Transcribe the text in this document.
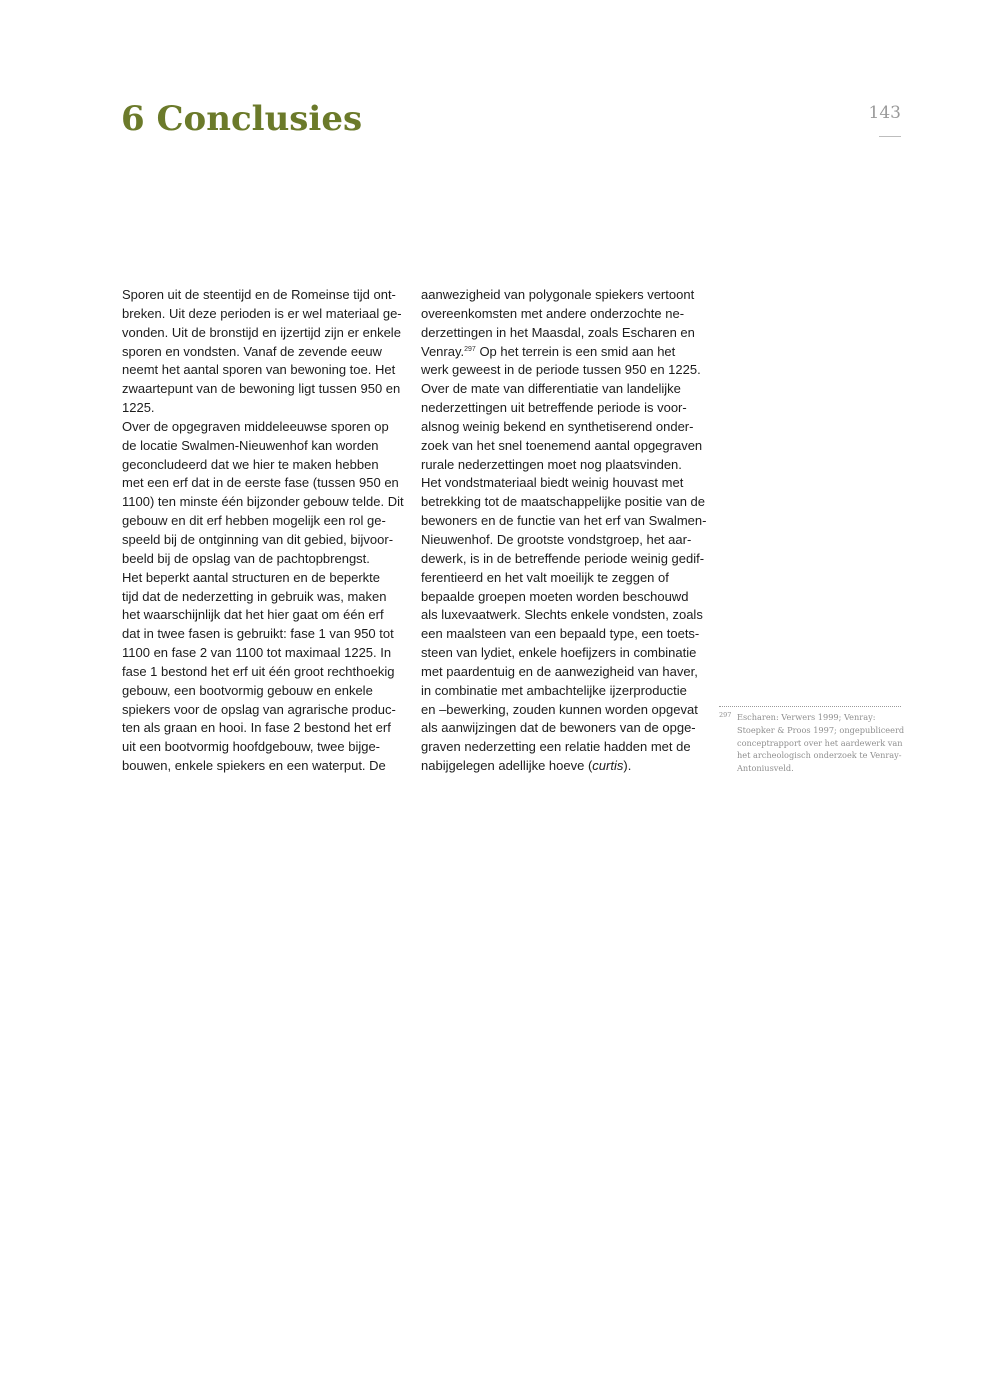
6 Conclusies	143
Sporen uit de steentijd en de Romeinse tijd ont-
breken. Uit deze perioden is er wel materiaal ge-
vonden. Uit de bronstijd en ijzertijd zijn er enkele
sporen en vondsten. Vanaf de zevende eeuw
neemt het aantal sporen van bewoning toe. Het
zwaartepunt van de bewoning ligt tussen 950 en
1225.
Over de opgegraven middeleeuwse sporen op
de locatie Swalmen-Nieuwenhof kan worden
geconcludeerd dat we hier te maken hebben
met een erf dat in de eerste fase (tussen 950 en
1100) ten minste één bijzonder gebouw telde. Dit
gebouw en dit erf hebben mogelijk een rol ge-
speeld bij de ontginning van dit gebied, bijvoor-
beeld bij de opslag van de pachtopbrengst.
Het beperkt aantal structuren en de beperkte
tijd dat de nederzetting in gebruik was, maken
het waarschijnlijk dat het hier gaat om één erf
dat in twee fasen is gebruikt: fase 1 van 950 tot
1100 en fase 2 van 1100 tot maximaal 1225. In
fase 1 bestond het erf uit één groot rechthoekig
gebouw, een bootvormig gebouw en enkele
spiekers voor de opslag van agrarische produc-
ten als graan en hooi. In fase 2 bestond het erf
uit een bootvormig hoofdgebouw, twee bijge-
bouwen, enkele spiekers en een waterput. De
aanwezigheid van polygonale spiekers vertoont
overeenkomsten met andere onderzochte ne-
derzettingen in het Maasdal, zoals Escharen en
Venray.$^{297}$ Op het terrein is een smid aan het
werk geweest in de periode tussen 950 en 1225.
Over de mate van differentiatie van landelijke
nederzettingen uit betreffende periode is voor-
alsnog weinig bekend en synthetiserend onder-
zoek van het snel toenemend aantal opgegraven
rurale nederzettingen moet nog plaatsvinden.
Het vondstmateriaal biedt weinig houvast met
betrekking tot de maatschappelijke positie van de
bewoners en de functie van het erf van Swalmen-
Nieuwenhof. De grootste vondstgroep, het aar-
dewerk, is in de betreffende periode weinig gedif-
ferentieerd en het valt moeilijk te zeggen of
bepaalde groepen moeten worden beschouwd
als luxevaatwerk. Slechts enkele vondsten, zoals
een maalsteen van een bepaald type, een toets-
steen van lydiet, enkele hoefijzers in combinatie
met paardentuig en de aanwezigheid van haver,
in combinatie met ambachtelijke ijzerproductie
en –bewerking, zouden kunnen worden opgevat
als aanwijzingen dat de bewoners van de opge-
graven nederzetting een relatie hadden met de
nabijgelegen adellijke hoeve (curtis).
297 Escharen: Verwers 1999; Venray:
Stoepker & Proos 1997; ongepubliceerd
conceptrapport over het aardewerk van
het archeologisch onderzoek te Venray-
Antoniusveld.
